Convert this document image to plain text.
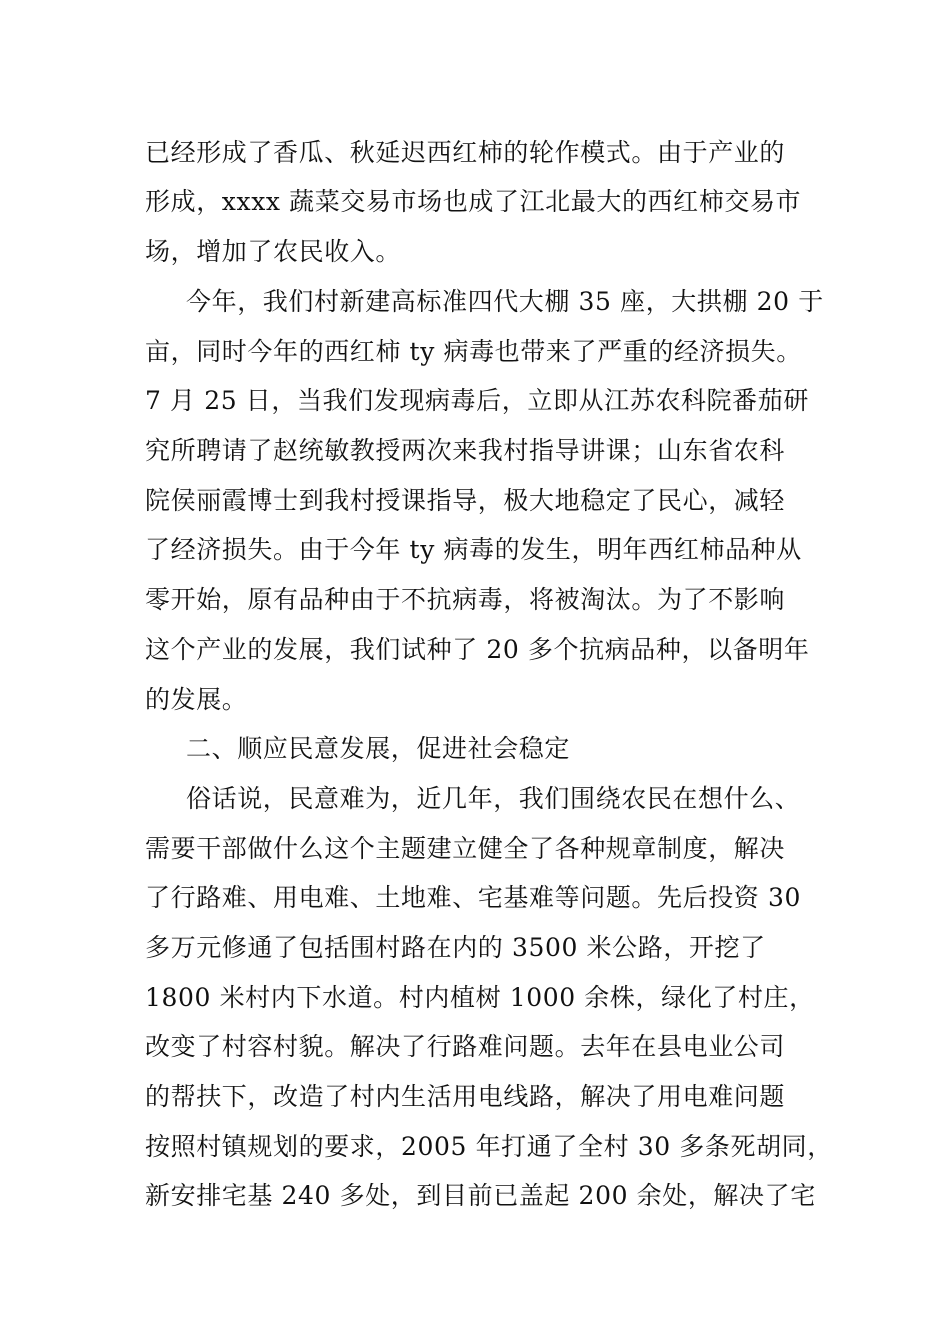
已经形成了香瓜、秋延迟西红柿的轮作模式。由于产业的
形成，xxxx 蔬菜交易市场也成了江北最大的西红柿交易市
场，增加了农民收入。
今年，我们村新建高标准四代大棚 35 座，大拱棚 20 于
亩，同时今年的西红柿 ty 病毒也带来了严重的经济损失。
7 月 25 日，当我们发现病毒后，立即从江苏农科院番茄研
究所聘请了赵统敏教授两次来我村指导讲课；山东省农科
院侯丽霞博士到我村授课指导，极大地稳定了民心，减轻
了经济损失。由于今年 ty 病毒的发生，明年西红柿品种从
零开始，原有品种由于不抗病毒，将被淘汰。为了不影响
这个产业的发展，我们试种了 20 多个抗病品种，以备明年
的发展。
二、顺应民意发展，促进社会稳定
俗话说，民意难为，近几年，我们围绕农民在想什么、
需要干部做什么这个主题建立健全了各种规章制度，解决
了行路难、用电难、土地难、宅基难等问题。先后投资 30
多万元修通了包括围村路在内的 3500 米公路，开挖了
1800 米村内下水道。村内植树 1000 余株，绿化了村庄，
改变了村容村貌。解决了行路难问题。去年在县电业公司
的帮扶下，改造了村内生活用电线路，解决了用电难问题
按照村镇规划的要求，2005 年打通了全村 30 多条死胡同，
新安排宅基 240 多处，到目前已盖起 200 余处，解决了宅
